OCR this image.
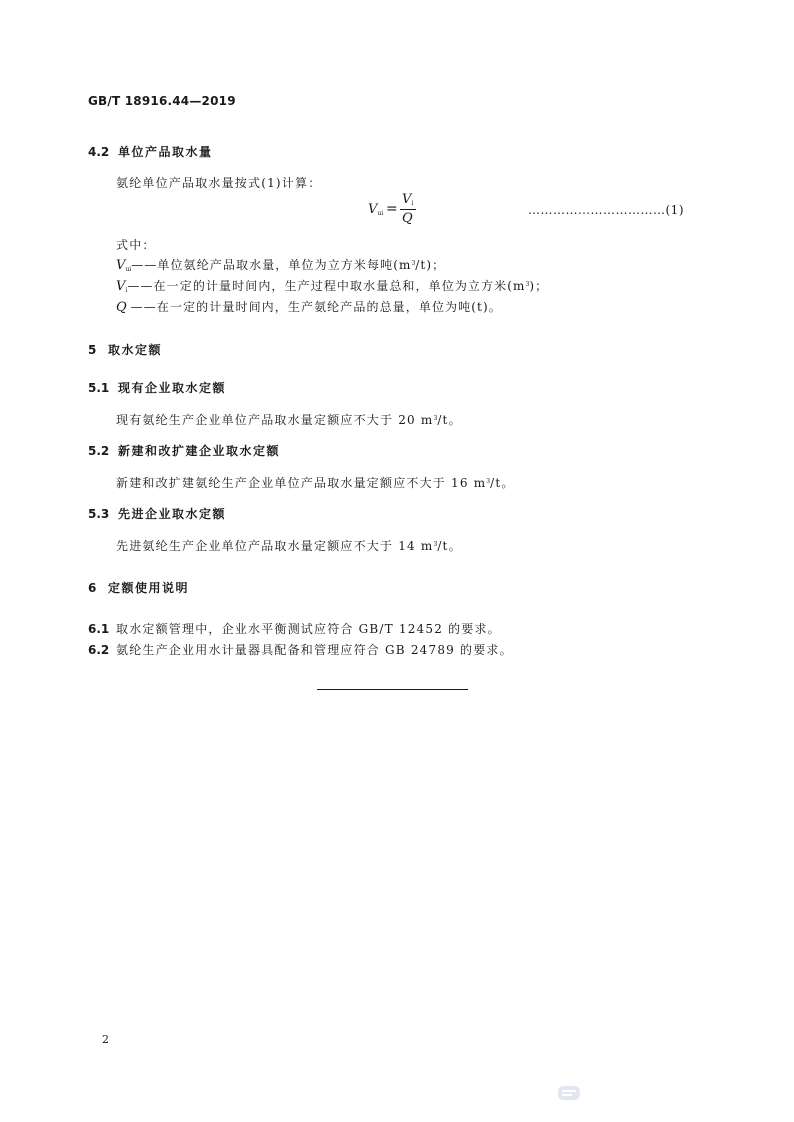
GB/T 18916.44—2019
4.2 单位产品取水量
氨纶单位产品取水量按式(1)计算：
$V_{ui}$ =
$V_i$
Q
……………………………(1)
式中：
$V_{ui}——$单位氨纶产品取水量，单位为立方米每吨$(m^3/t)$；
$V_i——$在一定的计量时间内，生产过程中取水量总和，单位为立方米$(m^3)$；
Q ——在一定的计量时间内，生产氨纶产品的总量，单位为吨(t)。
5 取水定额
5.1 现有企业取水定额
现有氨纶生产企业单位产品取水量定额应不大于 20 $m^3/t$。
5.2 新建和改扩建企业取水定额
新建和改扩建氨纶生产企业单位产品取水量定额应不大于 16 $m^3/t$。
5.3 先进企业取水定额
先进氨纶生产企业单位产品取水量定额应不大于 14 $m^3/t$。
6 定额使用说明
6.1 取水定额管理中，企业水平衡测试应符合 GB/T 12452 的要求。
6.2 氨纶生产企业用水计量器具配备和管理应符合 GB 24789 的要求。
2
